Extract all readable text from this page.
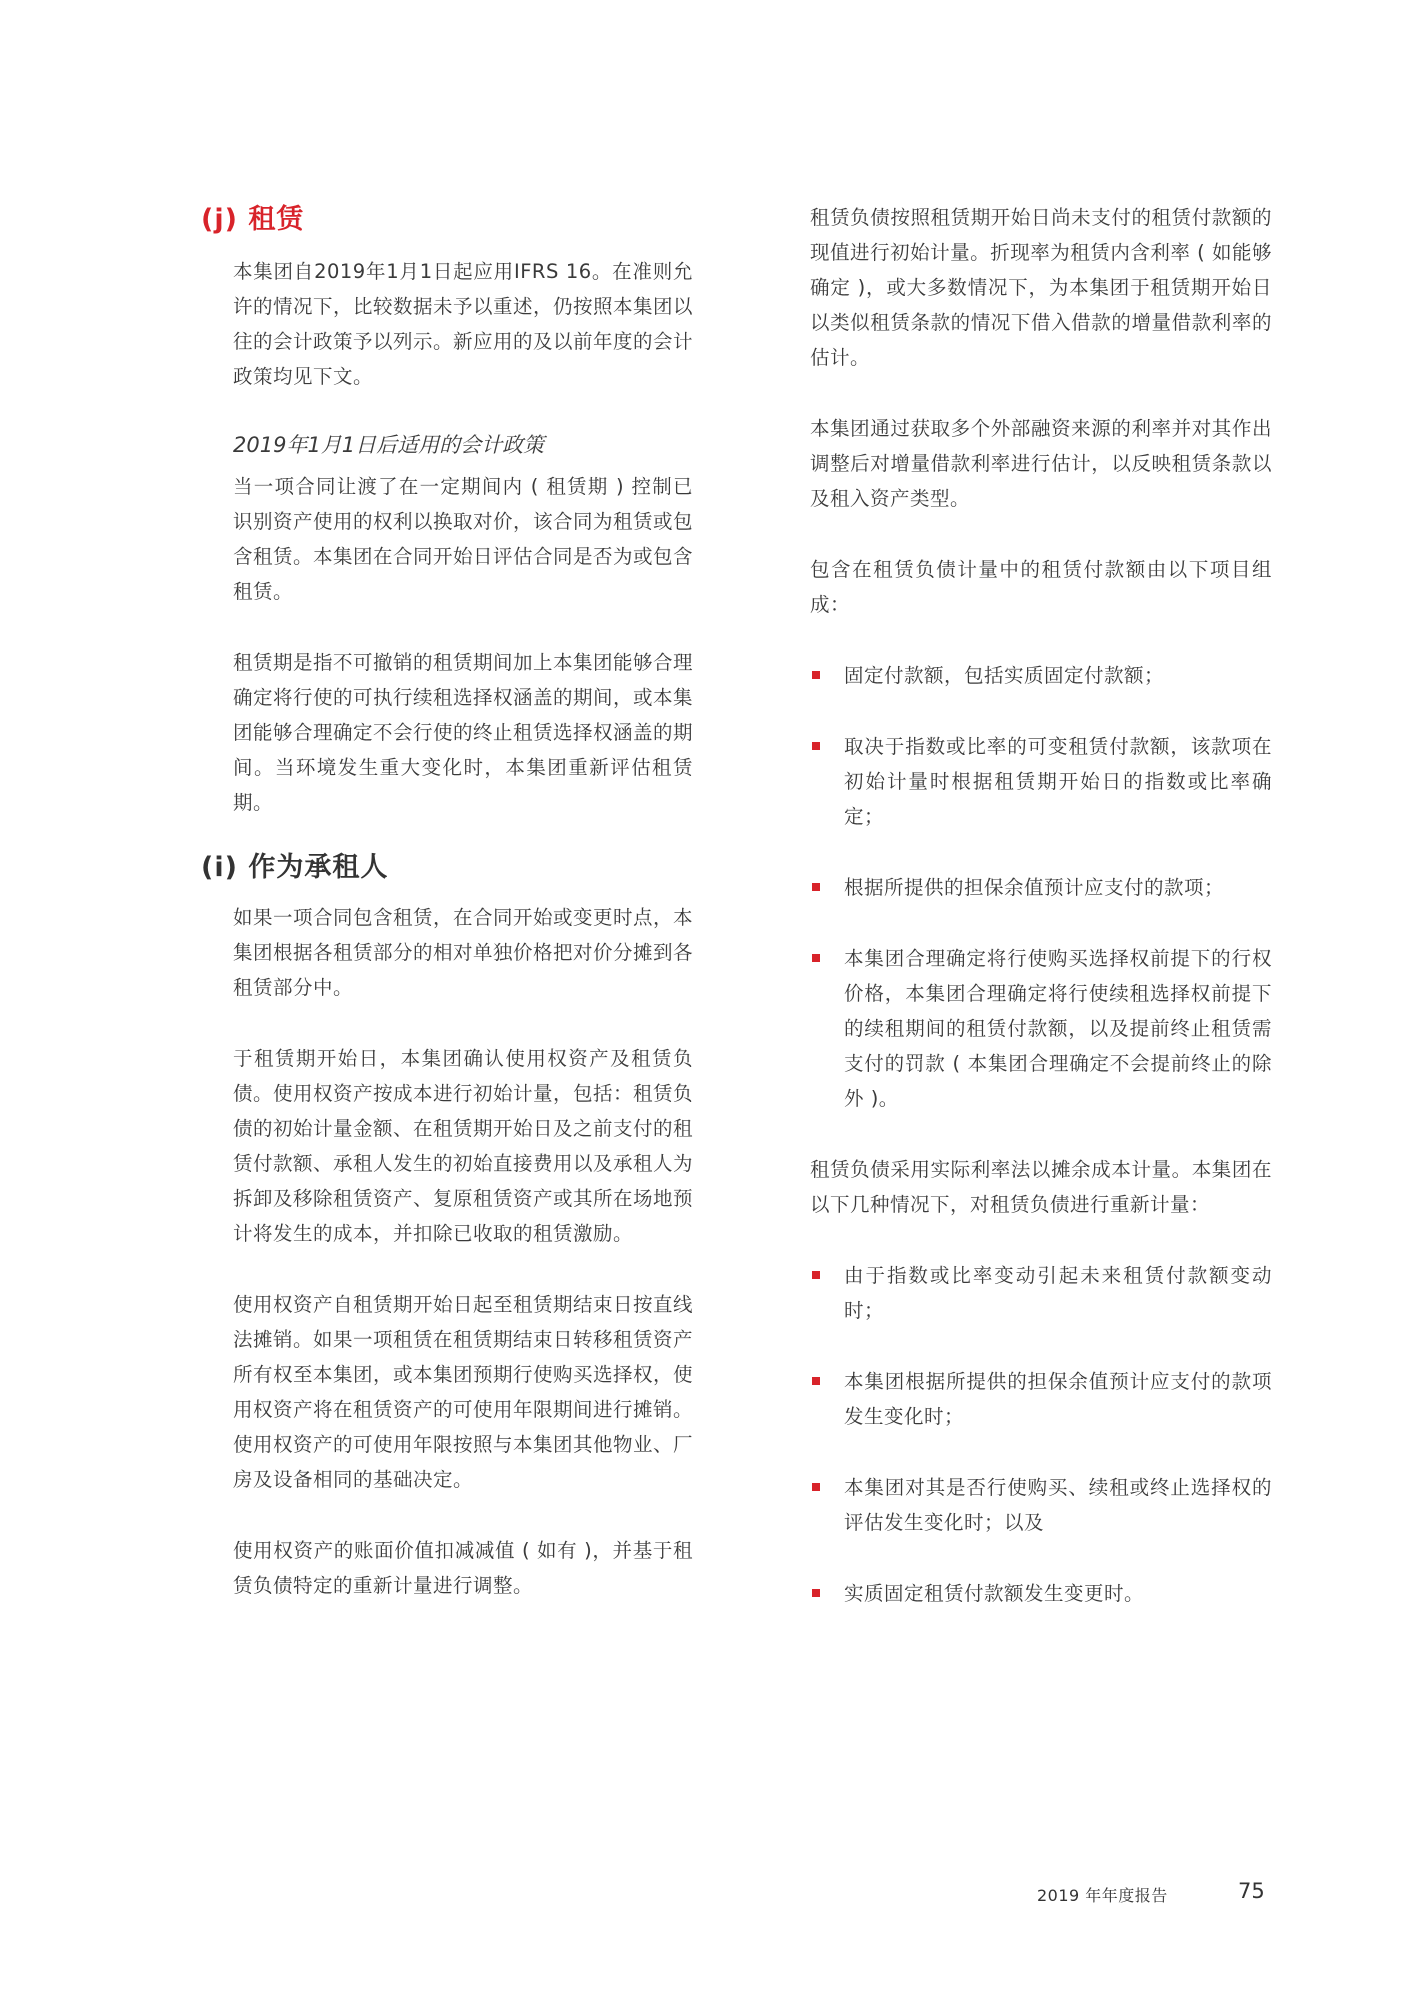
(j) 租赁

本集团自2019年1月1日起应用IFRS 16。在准则允许的情况下，比较数据未予以重述，仍按照本集团以往的会计政策予以列示。新应用的及以前年度的会计政策均见下文。

2019年1月1日后适用的会计政策

当一项合同让渡了在一定期间内 ( 租赁期 ) 控制已识别资产使用的权利以换取对价，该合同为租赁或包含租赁。本集团在合同开始日评估合同是否为或包含租赁。

租赁期是指不可撤销的租赁期间加上本集团能够合理确定将行使的可执行续租选择权涵盖的期间，或本集团能够合理确定不会行使的终止租赁选择权涵盖的期间。当环境发生重大变化时，本集团重新评估租赁期。

(i) 作为承租人

如果一项合同包含租赁，在合同开始或变更时点，本集团根据各租赁部分的相对单独价格把对价分摊到各租赁部分中。

于租赁期开始日，本集团确认使用权资产及租赁负债。使用权资产按成本进行初始计量，包括：租赁负债的初始计量金额、在租赁期开始日及之前支付的租赁付款额、承租人发生的初始直接费用以及承租人为拆卸及移除租赁资产、复原租赁资产或其所在场地预计将发生的成本，并扣除已收取的租赁激励。

使用权资产自租赁期开始日起至租赁期结束日按直线法摊销。如果一项租赁在租赁期结束日转移租赁资产所有权至本集团，或本集团预期行使购买选择权，使用权资产将在租赁资产的可使用年限期间进行摊销。使用权资产的可使用年限按照与本集团其他物业、厂房及设备相同的基础决定。

使用权资产的账面价值扣减减值 ( 如有 )，并基于租赁负债特定的重新计量进行调整。

租赁负债按照租赁期开始日尚未支付的租赁付款额的现值进行初始计量。折现率为租赁内含利率 ( 如能够确定 )，或大多数情况下，为本集团于租赁期开始日以类似租赁条款的情况下借入借款的增量借款利率的估计。

本集团通过获取多个外部融资来源的利率并对其作出调整后对增量借款利率进行估计，以反映租赁条款以及租入资产类型。

包含在租赁负债计量中的租赁付款额由以下项目组成：

固定付款额，包括实质固定付款额；
取决于指数或比率的可变租赁付款额，该款项在初始计量时根据租赁期开始日的指数或比率确定；
根据所提供的担保余值预计应支付的款项；
本集团合理确定将行使购买选择权前提下的行权价格，本集团合理确定将行使续租选择权前提下的续租期间的租赁付款额，以及提前终止租赁需支付的罚款 ( 本集团合理确定不会提前终止的除外 )。

租赁负债采用实际利率法以摊余成本计量。本集团在以下几种情况下，对租赁负债进行重新计量：

由于指数或比率变动引起未来租赁付款额变动时；
本集团根据所提供的担保余值预计应支付的款项发生变化时；
本集团对其是否行使购买、续租或终止选择权的评估发生变化时；以及
实质固定租赁付款额发生变更时。
2019 年年度报告	75
